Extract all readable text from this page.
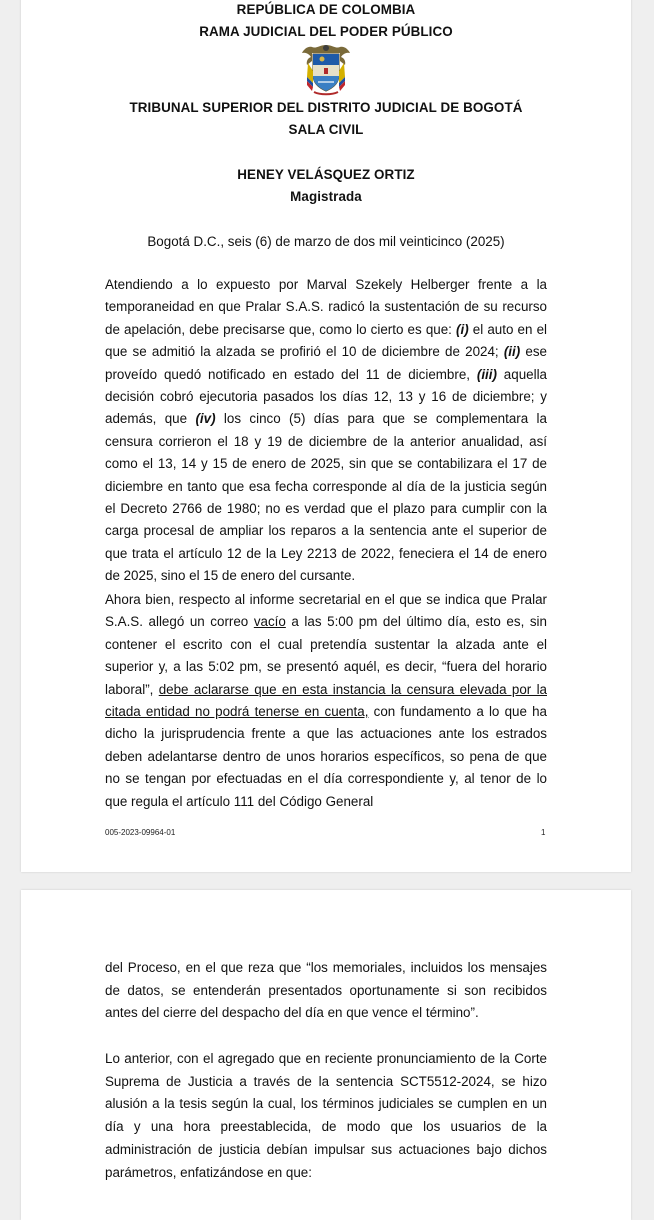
REPÚBLICA DE COLOMBIA
RAMA JUDICIAL DEL PODER PÚBLICO
TRIBUNAL SUPERIOR DEL DISTRITO JUDICIAL DE BOGOTÁ
SALA CIVIL
HENEY VELÁSQUEZ ORTIZ
Magistrada
Bogotá D.C., seis (6) de marzo de dos mil veinticinco (2025)
Atendiendo a lo expuesto por Marval Szekely Helberger frente a la temporaneidad en que Pralar S.A.S. radicó la sustentación de su recurso de apelación, debe precisarse que, como lo cierto es que: (i) el auto en el que se admitió la alzada se profirió el 10 de diciembre de 2024; (ii) ese proveído quedó notificado en estado del 11 de diciembre, (iii) aquella decisión cobró ejecutoria pasados los días 12, 13 y 16 de diciembre; y además, que (iv) los cinco (5) días para que se complementara la censura corrieron el 18 y 19 de diciembre de la anterior anualidad, así como el 13, 14 y 15 de enero de 2025, sin que se contabilizara el 17 de diciembre en tanto que esa fecha corresponde al día de la justicia según el Decreto 2766 de 1980; no es verdad que el plazo para cumplir con la carga procesal de ampliar los reparos a la sentencia ante el superior de que trata el artículo 12 de la Ley 2213 de 2022, feneciera el 14 de enero de 2025, sino el 15 de enero del cursante.
Ahora bien, respecto al informe secretarial en el que se indica que Pralar S.A.S. allegó un correo vacío a las 5:00 pm del último día, esto es, sin contener el escrito con el cual pretendía sustentar la alzada ante el superior y, a las 5:02 pm, se presentó aquél, es decir, “fuera del horario laboral”, debe aclararse que en esta instancia la censura elevada por la citada entidad no podrá tenerse en cuenta, con fundamento a lo que ha dicho la jurisprudencia frente a que las actuaciones ante los estrados deben adelantarse dentro de unos horarios específicos, so pena de que no se tengan por efectuadas en el día correspondiente y, al tenor de lo que regula el artículo 111 del Código General
005-2023-09964-01	1
del Proceso, en el que reza que “los memoriales, incluidos los mensajes de datos, se entenderán presentados oportunamente si son recibidos antes del cierre del despacho del día en que vence el término”.
Lo anterior, con el agregado que en reciente pronunciamiento de la Corte Suprema de Justicia a través de la sentencia SCT5512-2024, se hizo alusión a la tesis según la cual, los términos judiciales se cumplen en un día y una hora preestablecida, de modo que los usuarios de la administración de justicia debían impulsar sus actuaciones bajo dichos parámetros, enfatizándose en que:
